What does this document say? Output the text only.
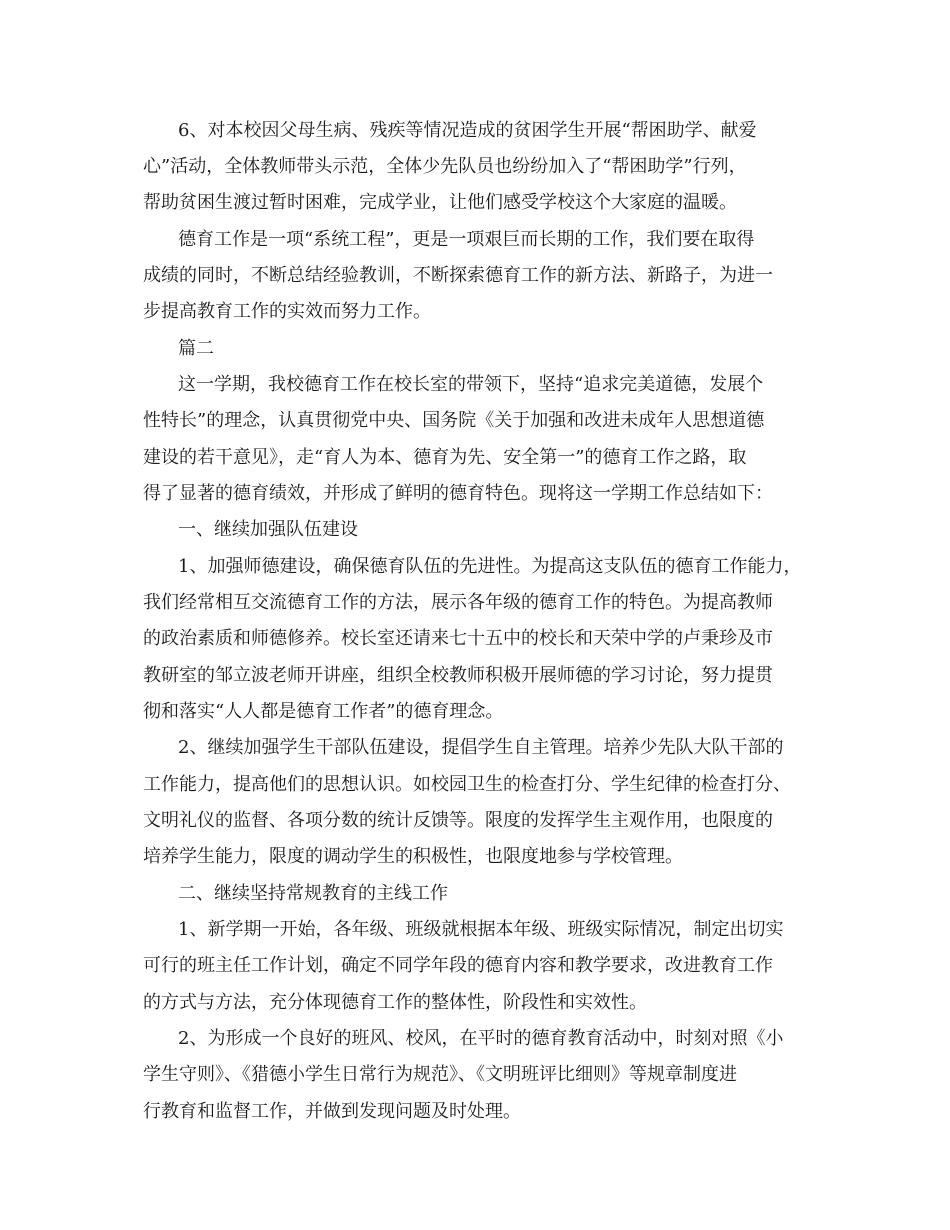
6、对本校因父母生病、残疾等情况造成的贫困学生开展“帮困助学、献爱
心”活动，全体教师带头示范，全体少先队员也纷纷加入了“帮困助学”行列，
帮助贫困生渡过暂时困难，完成学业，让他们感受学校这个大家庭的温暖。
德育工作是一项“系统工程”，更是一项艰巨而长期的工作，我们要在取得
成绩的同时，不断总结经验教训，不断探索德育工作的新方法、新路子，为进一
步提高教育工作的实效而努力工作。
篇二
这一学期，我校德育工作在校长室的带领下，坚持“追求完美道德，发展个
性特长”的理念，认真贯彻党中央、国务院《关于加强和改进未成年人思想道德
建设的若干意见》，走“育人为本、德育为先、安全第一”的德育工作之路，取
得了显著的德育绩效，并形成了鲜明的德育特色。现将这一学期工作总结如下：
一、继续加强队伍建设
1、加强师德建设，确保德育队伍的先进性。为提高这支队伍的德育工作能力，
我们经常相互交流德育工作的方法，展示各年级的德育工作的特色。为提高教师
的政治素质和师德修养。校长室还请来七十五中的校长和天荣中学的卢秉珍及市
教研室的邹立波老师开讲座，组织全校教师积极开展师德的学习讨论，努力提贯
彻和落实“人人都是德育工作者”的德育理念。
2、继续加强学生干部队伍建设，提倡学生自主管理。培养少先队大队干部的
工作能力，提高他们的思想认识。如校园卫生的检查打分、学生纪律的检查打分、
文明礼仪的监督、各项分数的统计反馈等。限度的发挥学生主观作用，也限度的
培养学生能力，限度的调动学生的积极性，也限度地参与学校管理。
二、继续坚持常规教育的主线工作
1、新学期一开始，各年级、班级就根据本年级、班级实际情况，制定出切实
可行的班主任工作计划，确定不同学年段的德育内容和教学要求，改进教育工作
的方式与方法，充分体现德育工作的整体性，阶段性和实效性。
2、为形成一个良好的班风、校风，在平时的德育教育活动中，时刻对照《小
学生守则》、《猎德小学生日常行为规范》、《文明班评比细则》等规章制度进
行教育和监督工作，并做到发现问题及时处理。
